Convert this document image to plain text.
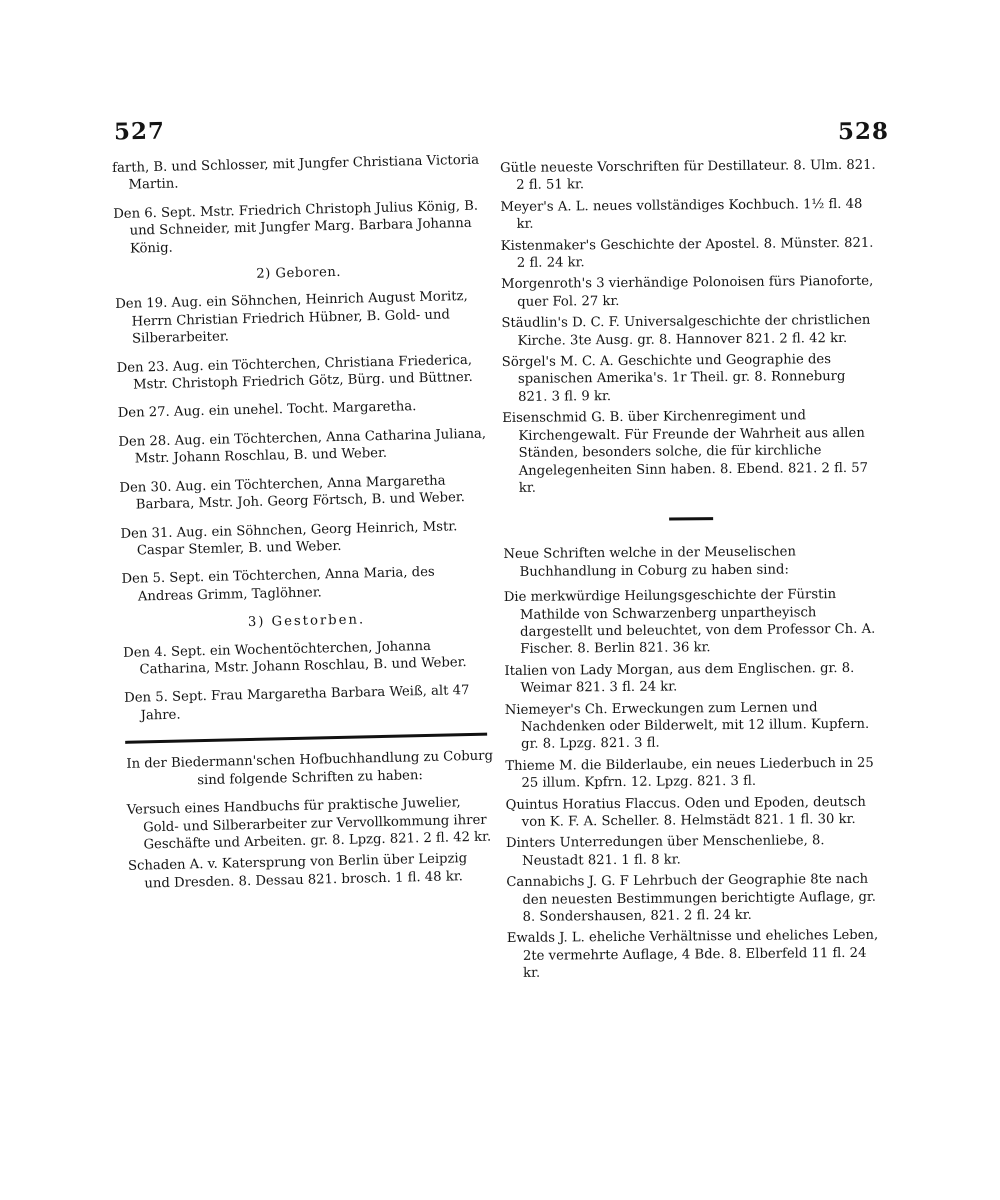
527	528
farth, B. und Schlosser, mit Jungfer Christiana Victoria Martin.
Den 6. Sept. Mstr. Friedrich Christoph Julius König, B. und Schneider, mit Jungfer Marg. Barbara Johanna König.
2) Geboren.
Den 19. Aug. ein Söhnchen, Heinrich August Moritz, Herrn Christian Friedrich Hübner, B. Gold- und Silberarbeiter.
Den 23. Aug. ein Töchterchen, Christiana Friederica, Mstr. Christoph Friedrich Götz, Bürg. und Büttner.
Den 27. Aug. ein unehel. Tocht. Margaretha.
Den 28. Aug. ein Töchterchen, Anna Catharina Juliana, Mstr. Johann Roschlau, B. und Weber.
Den 30. Aug. ein Töchterchen, Anna Margaretha Barbara, Mstr. Joh. Georg Förtsch, B. und Weber.
Den 31. Aug. ein Söhnchen, Georg Heinrich, Mstr. Caspar Stemler, B. und Weber.
Den 5. Sept. ein Töchterchen, Anna Maria, des Andreas Grimm, Taglöhner.
3) Gestorben.
Den 4. Sept. ein Wochentöchterchen, Johanna Catharina, Mstr. Johann Roschlau, B. und Weber.
Den 5. Sept. Frau Margaretha Barbara Weiß, alt 47 Jahre.
In der Biedermann'schen Hofbuchhandlung zu Coburg sind folgende Schriften zu haben:
Versuch eines Handbuchs für praktische Juwelier, Gold- und Silberarbeiter zur Vervollkommung ihrer Geschäfte und Arbeiten. gr. 8. Lpzg. 821. 2 fl. 42 kr.
Schaden A. v. Katersprung von Berlin über Leipzig und Dresden. 8. Dessau 821. brosch. 1 fl. 48 kr.
Gütle neueste Vorschriften für Destillateur. 8. Ulm. 821. 2 fl. 51 kr.
Meyer's A. L. neues vollständiges Kochbuch. 1½ fl. 48 kr.
Kistenmaker's Geschichte der Apostel. 8. Münster. 821. 2 fl. 24 kr.
Morgenroth's 3 vierhändige Polonoisen fürs Pianoforte, quer Fol. 27 kr.
Stäudlin's D. C. F. Universalgeschichte der christlichen Kirche. 3te Ausg. gr. 8. Hannover 821. 2 fl. 42 kr.
Sörgel's M. C. A. Geschichte und Geographie des spanischen Amerika's. 1r Theil. gr. 8. Ronneburg 821. 3 fl. 9 kr.
Eisenschmid G. B. über Kirchenregiment und Kirchengewalt. Für Freunde der Wahrheit aus allen Ständen, besonders solche, die für kirchliche Angelegenheiten Sinn haben. 8. Ebend. 821. 2 fl. 57 kr.
Neue Schriften welche in der Meuselischen Buchhandlung in Coburg zu haben sind:
Die merkwürdige Heilungsgeschichte der Fürstin Mathilde von Schwarzenberg unpartheyisch dargestellt und beleuchtet, von dem Professor Ch. A. Fischer. 8. Berlin 821. 36 kr.
Italien von Lady Morgan, aus dem Englischen. gr. 8. Weimar 821. 3 fl. 24 kr.
Niemeyer's Ch. Erweckungen zum Lernen und Nachdenken oder Bilderwelt, mit 12 illum. Kupfern. gr. 8. Lpzg. 821. 3 fl.
Thieme M. die Bilderlaube, ein neues Liederbuch in 25 25 illum. Kpfrn. 12. Lpzg. 821. 3 fl.
Quintus Horatius Flaccus. Oden und Epoden, deutsch von K. F. A. Scheller. 8. Helmstädt 821. 1 fl. 30 kr.
Dinters Unterredungen über Menschenliebe, 8. Neustadt 821. 1 fl. 8 kr.
Cannabichs J. G. F Lehrbuch der Geographie 8te nach den neuesten Bestimmungen berichtigte Auflage, gr. 8. Sondershausen, 821. 2 fl. 24 kr.
Ewalds J. L. eheliche Verhältnisse und eheliches Leben, 2te vermehrte Auflage, 4 Bde. 8. Elberfeld 11 fl. 24 kr.
